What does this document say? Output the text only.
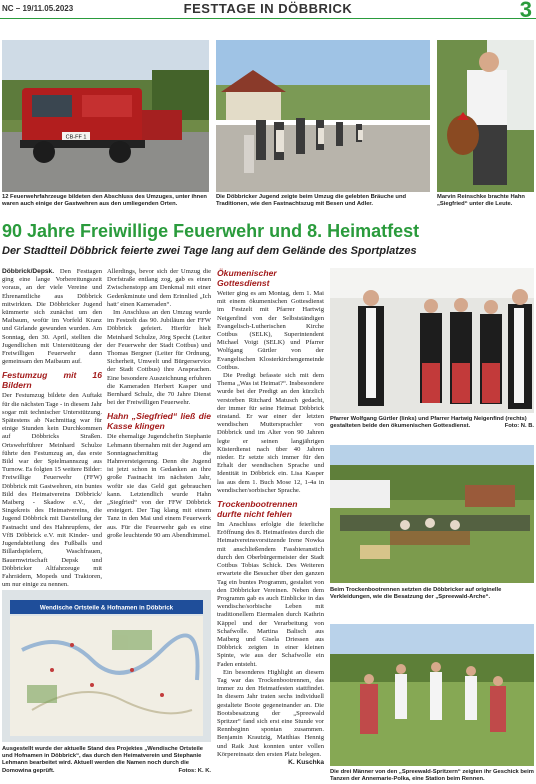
NC – 19/11.05.2023	FESTTAGE IN DÖBBRICK	3
CB-FF 1
12 Feuerwehrfahrzeuge bildeten den Abschluss des Umzuges, unter ihnen waren auch einige der Gastwehren aus den umliegenden Orten.
Die Döbbricker Jugend zeigte beim Umzug die gelebten Bräuche und Traditionen, wie den Fastnachtszug mit Besen und Adler.
Marvin Reinschke brachte Hahn „Siegfried“ unter die Leute.
90 Jahre Freiwillige Feuerwehr und 8. Heimatfest
Der Stadtteil Döbbrick feierte zwei Tage lang auf dem Gelände des Sportplatzes

Döbbrick/Depsk. Den Festtagen ging eine lange Vorbereitungszeit voraus, an der viele Vereine und Ehrenamtliche aus Döbbrick mitwirkten. Die Döbbricker Jugend kümmerte sich zunächst um den Maibaum, wofür im Vorfeld Kranz und Girlande gewunden wurden. Am Sonntag, den 30. April, stellten die Jugendlichen mit Unterstützung der Freiwilligen Feuerwehr dann gemeinsam den Maibaum auf.

Festumzug mit 16 Bildern

Der Festumzug bildete den Auftakt für die nächsten Tage - in diesem Jahr sogar mit technischer Unterstützung. Spätestens ab Nachmittag war für einige Stunden kein Durchkommen auf Döbbricks Straßen. Ortswehrführer Meinhard Schulze führte den Festumzug an, das erste Bild war der Spielmannszug aus Turnow. Es folgten 15 weitere Bilder: Freiwillige Feuerwehr (FFW) Döbbrick mit Gastwehren, ein buntes Bild des Heimatvereins Döbbrick/ Maiberg - Skadow e.V., der Singekreis des Heimatvereins, die Jugend Döbbrick mit Darstellung der Fastnacht und des Hahnrupfens, der VfB Döbbrick e.V. mit Kinder- und Jugendabteilung des Fußballs und Billardspielern, Waschfrauen, Bauernwirtschaft Depsk und Döbbricker Altfahrzeuge mit Fahrrädern, Mopeds und Traktoren, um nur einige zu nennen.

Allerdings, bevor sich der Umzug die Dorfstraße entlang zog, gab es einen Zwischenstopp am Denkmal mit einer Gedenkminute und dem Erinnlied „Ich hatt’ einen Kameraden“.

Im Anschluss an den Umzug wurde im Festzelt das 90. Jubiläum der FFW Döbbrick gefeiert. Hierfür hielt Meinhard Schulze, Jörg Specht (Leiter der Feuerwehr der Stadt Cottbus) und Thomas Bergner (Leiter für Ordnung, Sicherheit, Umwelt und Bürgerservice der Stadt Cottbus) ihre Ansprachen. Eine besondere Auszeichnung erfuhren die Kameraden Herbert Kasper und Bernhard Schulz, die 70 Jahre Dienst bei der Freiwilligen Feuerwehr.

Hahn „Siegfried“ ließ die Kasse klingen

Die ehemalige Jugendchefin Stephanie Lehmann übernahm mit der Jugend am Sonntagnachmittag die Hahnversteigerung. Denn die Jugend ist jetzt schon in Gedanken an ihre große Fastnacht im nächsten Jahr, wofür sie das Geld gut gebrauchen kann. Letztendlich wurde Hahn „Siegfried“ von der FFW Döbbrick ersteigert. Der Tag klang mit einem Tanz in den Mai und einem Feuerwerk aus. Für die Feuerwehr gab es eine große leuchtende 90 am Abendhimmel.

Ökumenischer Gottesdienst

Weiter ging es am Montag, dem 1. Mai mit einem ökumenischen Gottesdienst im Festzelt mit Pfarrer Hartwig Neigenfind von der Selbstständigen Evangelisch-Lutherischen Kirche Cottbus (SELK), Superintendent Michael Voigt (SELK) und Pfarrer Wolfgang Gürtler von der Evangelischen Klosterkirchengemeinde Cottbus.

Die Predigt befasste sich mit dem Thema „Was ist Heimat?“. Insbesondere wurde bei der Predigt an den kürzlich verstorben Ritchard Matusch gedacht, der immer für seine Heimat Döbbrick einstand. Er war einer der letzten wendischen Muttersprachler von Döbbrick und im Alter von 90 Jahren legte er seinen langjährigen Küsterdienst nach über 40 Jahren nieder. Er setzte sich immer für den Erhalt der wendischen Sprache und Identität in Döbbrick ein. Lisa Kasper las aus dem 1. Buch Mose 12, 1-4a in wendischer/sorbischer Sprache.

Trockenbootrennen durfte nicht fehlen

Im Anschluss erfolgte die feierliche Eröffnung des 8. Heimatfestes durch die Heimatvereinsvorsitzende Irene Nowka mit anschließendem Fassbieranstich durch den Oberbürgermeister der Stadt Cottbus Tobias Schick. Des Weiteren erwartete die Besucher über den ganzen Tag ein buntes Programm, gestaltet von den Döbbricker Vereinen. Neben dem Programm gab es auch Einblicke in das wendische/sorbische Leben mit traditionellem Eiermalen durch Kathrin Käppel und der Verarbeitung von Schafwolle. Martina Balisch aus Maiberg und Gisela Driessen aus Döbbrick zeigten in einer kleinen Spinte, wie aus der Schafwolle ein Faden entsteht.

Ein besonderes Highlight an diesem Tag war das Trockenbootrennen, das immer zu den Heimatfesten stattfindet. In diesem Jahr traten sechs individuell gestaltete Boote gegeneinander an. Die Bootsbesatzung der „Spreewald Spritzer“ fand sich erst eine Stunde vor Rennbeginn spontan zusammen. Benjamin Krautzig, Matthias Hennig und Raik Just konnten unter vollen Körpereinsatz den ersten Platz belegen.

K. Kuschka

Pfarrer Wolfgang Gürtler (links) und Pfarrer Hartwig Neigenfind (rechts) gestalteten beide den ökumenischen Gottesdienst.	Foto: N. B.
Beim Trockenbootrennen setzten die Döbbricker auf originelle Verkleidungen, wie die Besatzung der „Spreewald-Arche“.
Wendische Ortsteile & Hofnamen in Döbbrick
Ausgestellt wurde der aktuelle Stand des Projektes „Wendische Ortsteile und Hofnamen in Döbbrick“, das durch den Heimatverein und Stephanie Lehmann bearbeitet wird. Aktuell werden die Namen noch durch die Domowina geprüft.	Fotos: K. K.	Die drei Männer von den „Spreewald-Spritzern“ zeigten ihr Geschick beim Tanzen der Annemarie-Polka, eine Station beim Rennen.
